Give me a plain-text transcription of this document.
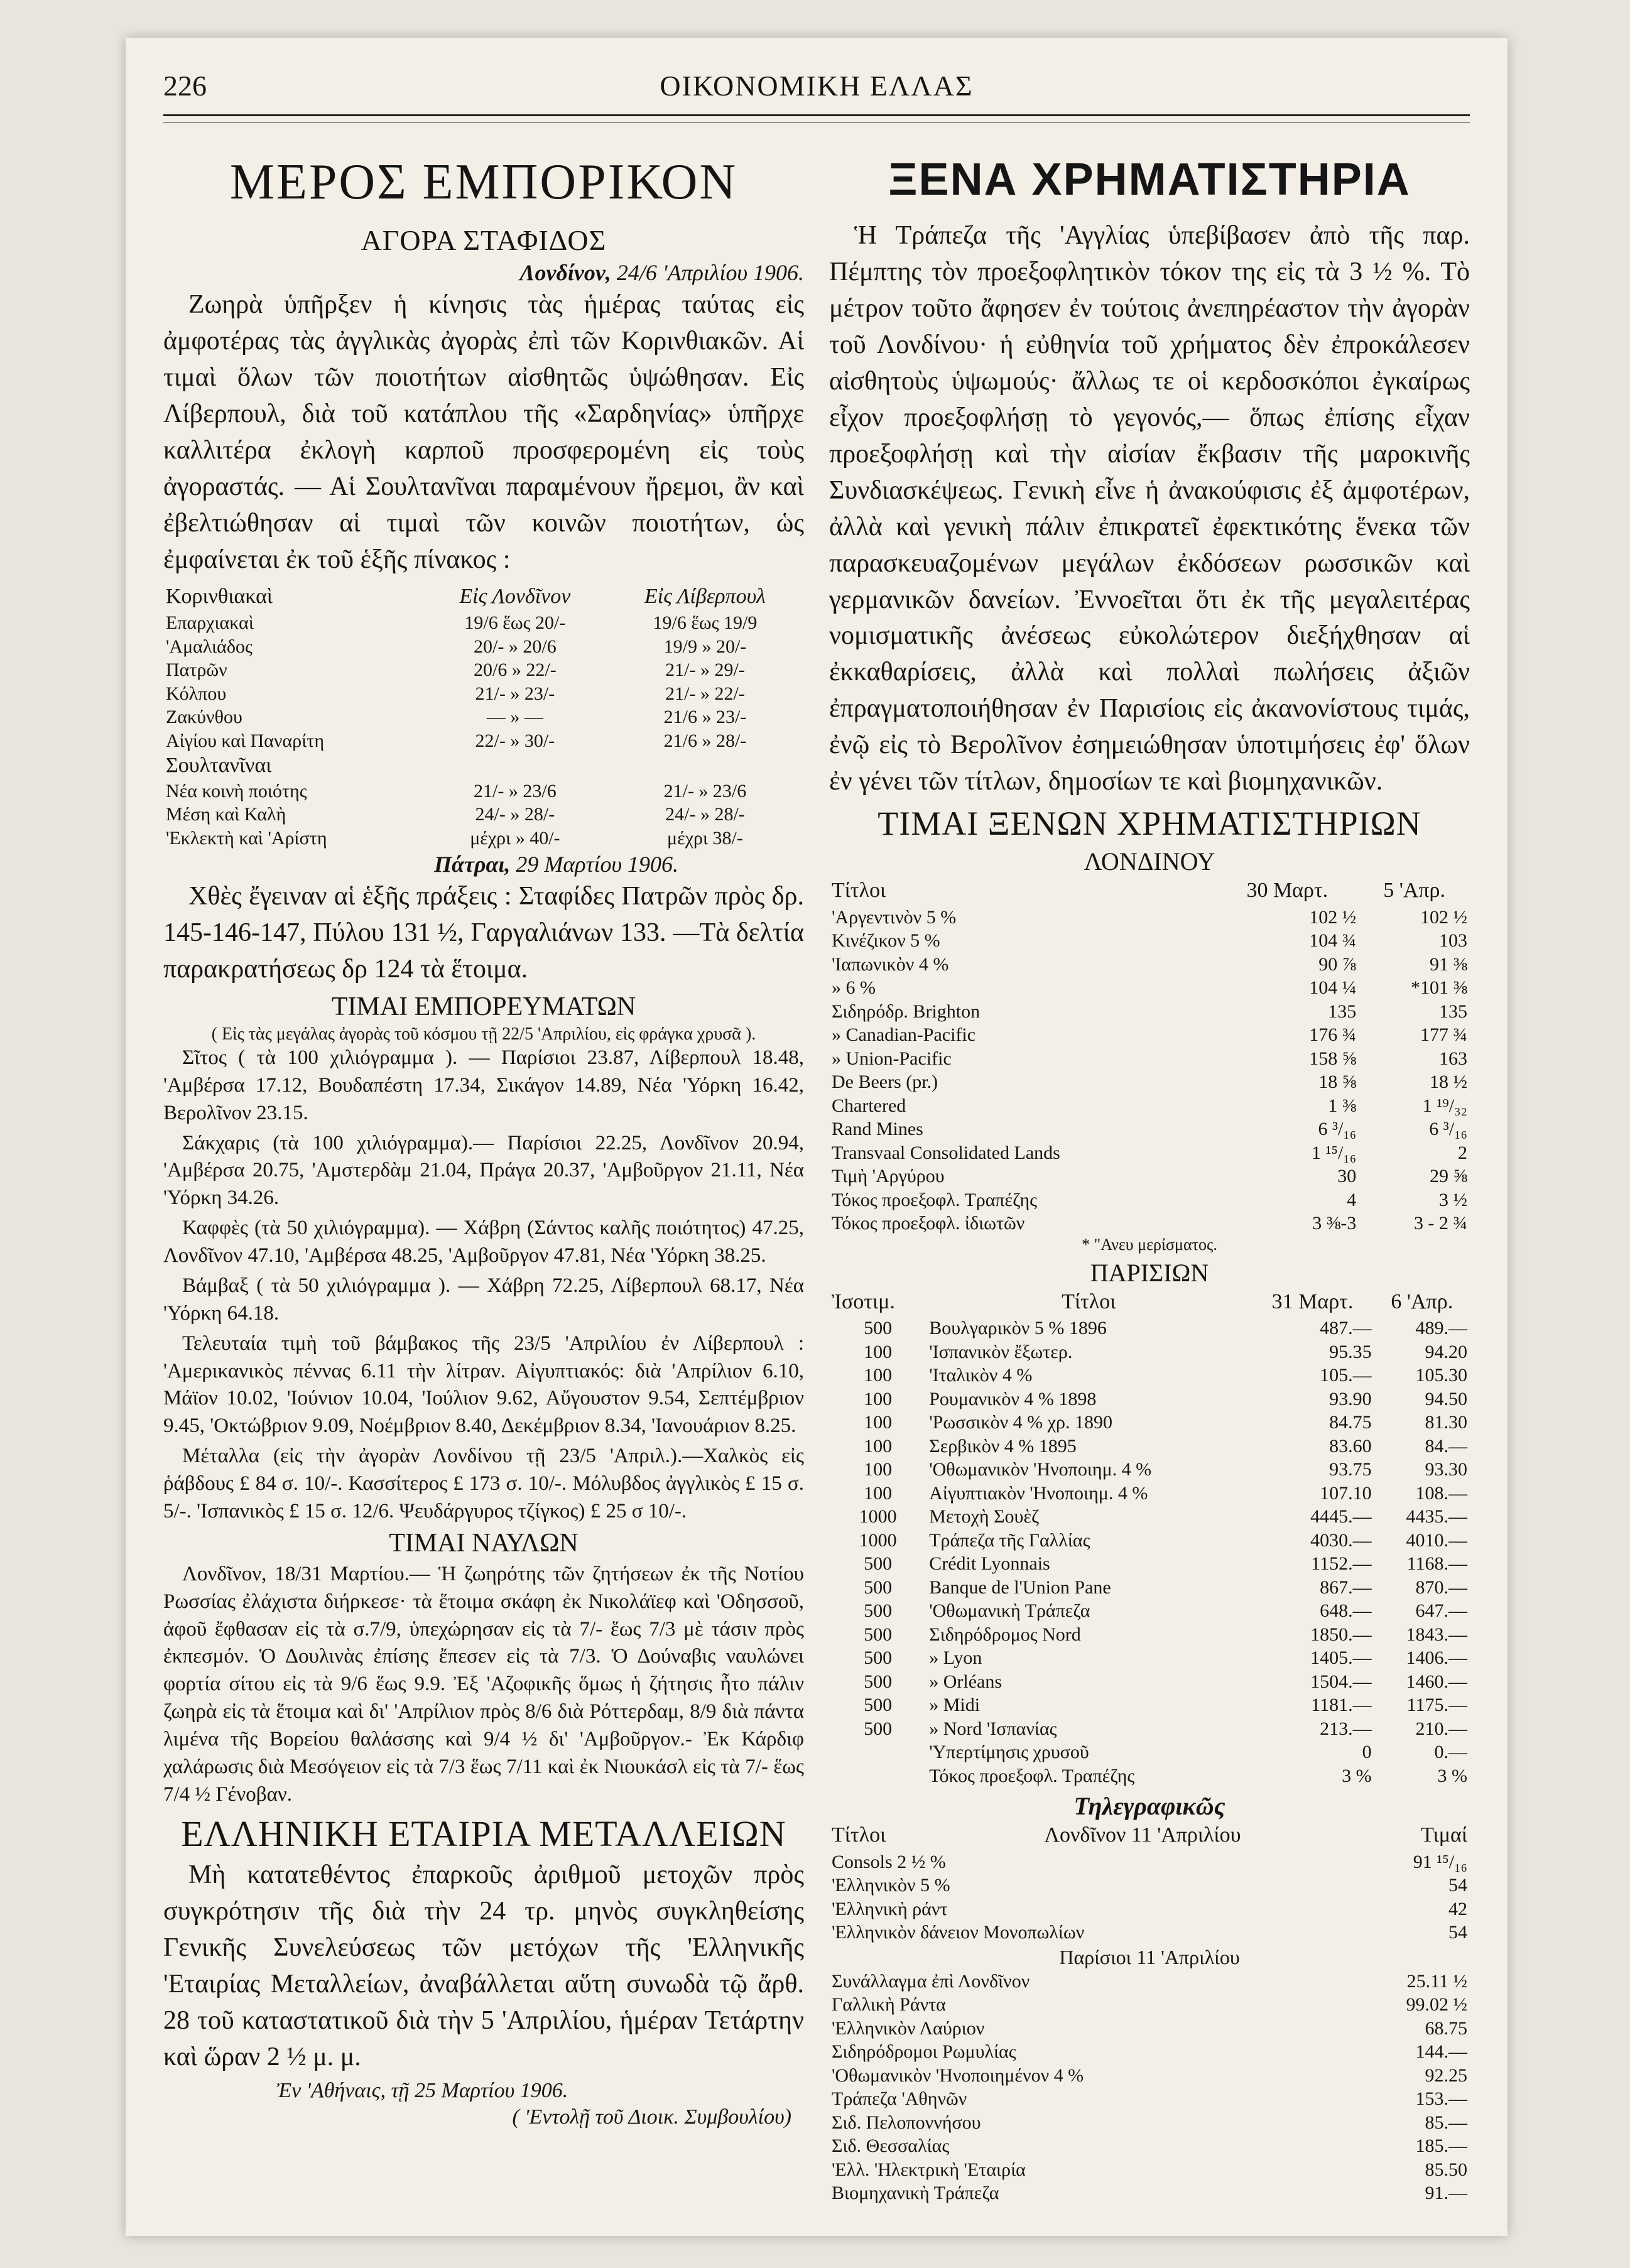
226	ΟΙΚΟΝΟΜΙΚΗ ΕΛΛΑΣ
ΜΕΡΟΣ ΕΜΠΟΡΙΚΟΝ
ΑΓΟΡΑ ΣΤΑΦΙΔΟΣ
Λονδίνον, 24/6 'Απριλίου 1906.

Ζωηρὰ ὑπῆρξεν ἡ κίνησις τὰς ἡμέρας ταύτας εἰς ἀμφοτέρας τὰς ἀγγλικὰς ἀγορὰς ἐπὶ τῶν Κορινθιακῶν. Αἱ τιμαὶ ὅλων τῶν ποιοτήτων αἰσθητῶς ὑψώθησαν. Εἰς Λίβερπουλ, διὰ τοῦ κατάπλου τῆς «Σαρδηνίας» ὑπῆρχε καλλιτέρα ἐκλογὴ καρποῦ προσφερομένη εἰς τοὺς ἀγοραστάς. — Αἱ Σουλτανῖναι παραμένουν ἤρεμοι, ἂν καὶ ἐβελτιώθησαν αἱ τιμαὶ τῶν κοινῶν ποιοτήτων, ὡς ἐμφαίνεται ἐκ τοῦ ἑξῆς πίνακος :

Κορινθιακαὶ	Εἰς Λονδῖνον	Εἰς Λίβερπουλ
Επαρχιακαὶ	19/6 ἕως 20/-	19/6 ἕως 19/9
'Αμαλιάδος	20/- » 20/6	19/9 » 20/-
Πατρῶν	20/6 » 22/-	21/- » 29/-
Κόλπου	21/- » 23/-	21/- » 22/-
Ζακύνθου	— » —	21/6 » 23/-
Αἰγίου καὶ Παναρίτη	22/- » 30/-	21/6 » 28/-
Σουλτανῖναι		
Νέα κοινὴ ποιότης	21/- » 23/6	21/- » 23/6
Μέση καὶ Καλὴ	24/- » 28/-	24/- » 28/-
'Εκλεκτὴ καὶ 'Αρίστη	μέχρι » 40/-	μέχρι 38/-
Πάτραι, 29 Μαρτίου 1906.

Χθὲς ἔγειναν αἱ ἑξῆς πράξεις : Σταφίδες Πατρῶν πρὸς δρ. 145-146-147, Πύλου 131 ½, Γαργαλιάνων 133. —Τὰ δελτία παρακρατήσεως δρ 124 τὰ ἕτοιμα.

ΤΙΜΑΙ ΕΜΠΟΡΕΥΜΑΤΩΝ

( Εἰς τὰς μεγάλας ἀγορὰς τοῦ κόσμου τῇ 22/5 'Απριλίου, εἰς φράγκα χρυσᾶ ).

Σῖτος ( τὰ 100 χιλιόγραμμα ). — Παρίσιοι 23.87, Λίβερπουλ 18.48, 'Αμβέρσα 17.12, Βουδαπέστη 17.34, Σικάγον 14.89, Νέα 'Υόρκη 16.42, Βερολῖνον 23.15.

Σάκχαρις (τὰ 100 χιλιόγραμμα).— Παρίσιοι 22.25, Λονδῖνον 20.94, 'Αμβέρσα 20.75, 'Αμστερδὰμ 21.04, Πράγα 20.37, 'Αμβοῦργον 21.11, Νέα 'Υόρκη 34.26.

Καφφὲς (τὰ 50 χιλιόγραμμα). — Χάβρη (Σάντος καλῆς ποιότητος) 47.25, Λονδῖνον 47.10, 'Αμβέρσα 48.25, 'Αμβοῦργον 47.81, Νέα 'Υόρκη 38.25.

Βάμβαξ ( τὰ 50 χιλιόγραμμα ). — Χάβρη 72.25, Λίβερπουλ 68.17, Νέα 'Υόρκη 64.18.

Τελευταία τιμὴ τοῦ βάμβακος τῆς 23/5 'Απριλίου ἐν Λίβερπουλ : 'Αμερικανικὸς πέννας 6.11 τὴν λίτραν. Αἰγυπτιακός: διὰ 'Απρίλιον 6.10, Μάϊον 10.02, 'Ιούνιον 10.04, 'Ιούλιον 9.62, Αὔγουστον 9.54, Σεπτέμβριον 9.45, 'Οκτώβριον 9.09, Νοέμβριον 8.40, Δεκέμβριον 8.34, 'Ιανουάριον 8.25.

Μέταλλα (εἰς τὴν ἀγορὰν Λονδίνου τῇ 23/5 'Απριλ.).—Χαλκὸς εἰς ῥάβδους £ 84 σ. 10/-. Κασσίτερος £ 173 σ. 10/-. Μόλυβδος ἀγγλικὸς £ 15 σ. 5/-. 'Ισπανικὸς £ 15 σ. 12/6. Ψευδάργυρος τζίγκος) £ 25 σ 10/-.

ΤΙΜΑΙ ΝΑΥΛΩΝ

Λονδῖνον, 18/31 Μαρτίου.— Ἡ ζωηρότης τῶν ζητήσεων ἐκ τῆς Νοτίου Ρωσσίας ἐλάχιστα διήρκεσε· τὰ ἕτοιμα σκάφη ἐκ Νικολάϊεφ καὶ 'Οδησσοῦ, ἀφοῦ ἔφθασαν εἰς τὰ σ.7/9, ὑπεχώρησαν εἰς τὰ 7/- ἕως 7/3 μὲ τάσιν πρὸς ἐκπεσμόν. Ὁ Δουλινὰς ἐπίσης ἔπεσεν εἰς τὰ 7/3. Ὁ Δούναβις ναυλώνει φορτία σίτου εἰς τὰ 9/6 ἕως 9.9. Ἐξ 'Αζοφικῆς ὅμως ἡ ζήτησις ἦτο πάλιν ζωηρὰ εἰς τὰ ἕτοιμα καὶ δι' 'Απρίλιον πρὸς 8/6 διὰ Ρόττερδαμ, 8/9 διὰ πάντα λιμένα τῆς Βορείου θαλάσσης καὶ 9/4 ½ δι' 'Αμβοῦργον.- Ἐκ Κάρδιφ χαλάρωσις διὰ Μεσόγειον εἰς τὰ 7/3 ἕως 7/11 καὶ ἐκ Νιουκάσλ εἰς τὰ 7/- ἕως 7/4 ½ Γένοβαν.

ΕΛΛΗΝΙΚΗ ΕΤΑΙΡΙΑ ΜΕΤΑΛΛΕΙΩΝ

Μὴ κατατεθέντος ἐπαρκοῦς ἀριθμοῦ μετοχῶν πρὸς συγκρότησιν τῆς διὰ τὴν 24 τρ. μηνὸς συγκληθείσης Γενικῆς Συνελεύσεως τῶν μετόχων τῆς 'Ελληνικῆς 'Εταιρίας Μεταλλείων, ἀναβάλλεται αὕτη συνωδὰ τῷ ἄρθ. 28 τοῦ καταστατικοῦ διὰ τὴν 5 'Απριλίου, ἡμέραν Τετάρτην καὶ ὥραν 2 ½ μ. μ.

Ἐν 'Αθήναις, τῇ 25 Μαρτίου 1906.
( 'Εντολῇ τοῦ Διοικ. Συμβουλίου)
ΞΕΝΑ ΧΡΗΜΑΤΙΣΤΗΡΙΑ

Ἡ Τράπεζα τῆς 'Αγγλίας ὑπεβίβασεν ἀπὸ τῆς παρ. Πέμπτης τὸν προεξοφλητικὸν τόκον της εἰς τὰ 3 ½ %. Τὸ μέτρον τοῦτο ἄφησεν ἐν τούτοις ἀνεπηρέαστον τὴν ἀγορὰν τοῦ Λονδίνου· ἡ εὐθηνία τοῦ χρήματος δὲν ἐπροκάλεσεν αἰσθητοὺς ὑψωμούς· ἄλλως τε οἱ κερδοσκόποι ἐγκαίρως εἶχον προεξοφλήσῃ τὸ γεγονός,— ὅπως ἐπίσης εἶχαν προεξοφλήσῃ καὶ τὴν αἰσίαν ἔκβασιν τῆς μαροκινῆς Συνδιασκέψεως. Γενικὴ εἶνε ἡ ἀνακούφισις ἐξ ἀμφοτέρων, ἀλλὰ καὶ γενικὴ πάλιν ἐπικρατεῖ ἐφεκτικότης ἕνεκα τῶν παρασκευαζομένων μεγάλων ἐκδόσεων ρωσσικῶν καὶ γερμανικῶν δανείων. Ἐννοεῖται ὅτι ἐκ τῆς μεγαλειτέρας νομισματικῆς ἀνέσεως εὐκολώτερον διεξήχθησαν αἱ ἐκκαθαρίσεις, ἀλλὰ καὶ πολλαὶ πωλήσεις ἀξιῶν ἐπραγματοποιήθησαν ἐν Παρισίοις εἰς ἀκανονίστους τιμάς, ἐνῷ εἰς τὸ Βερολῖνον ἐσημειώθησαν ὑποτιμήσεις ἐφ' ὅλων ἐν γένει τῶν τίτλων, δημοσίων τε καὶ βιομηχανικῶν.

ΤΙΜΑΙ ΞΕΝΩΝ ΧΡΗΜΑΤΙΣΤΗΡΙΩΝ
ΛΟΝΔΙΝΟΥ
Τίτλοι	30 Μαρτ.	5 'Απρ.
'Αργεντινὸν 5 %	102 ½	102 ½
Κινέζικον 5 %	104 ¾	103
'Ιαπωνικὸν 4 %	90 ⅞	91 ⅜
» 6 %	104 ¼	*101 ⅜
Σιδηρόδρ. Brighton	135	135
» Canadian-Pacific	176 ¾	177 ¾
» Union-Pacific	158 ⅝	163
De Beers (pr.)	18 ⅝	18 ½
Chartered	1 ⅜	1 ¹⁹/₃₂
Rand Mines	6 ³/₁₆	6 ³/₁₆
Transvaal Consolidated Lands	1 ¹⁵/₁₆	2
Τιμὴ 'Αργύρου	30	29 ⅝
Τόκος προεξοφλ. Τραπέζης	4	3 ½
Τόκος προεξοφλ. ἰδιωτῶν	3 ⅜-3	3 - 2 ¾

* "Ανευ μερίσματος.

ΠΑΡΙΣΙΩΝ
Ἰσοτιμ.	Τίτλοι	31 Μαρτ.	6 'Απρ.
500	Βουλγαρικὸν 5 % 1896	487.—	489.—
100	'Ισπανικὸν ἔξωτερ.	95.35	94.20
100	'Ιταλικὸν 4 %	105.—	105.30
100	Ρουμανικὸν 4 % 1898	93.90	94.50
100	'Ρωσσικὸν 4 % χρ. 1890	84.75	81.30
100	Σερβικὸν 4 % 1895	83.60	84.—
100	'Οθωμανικὸν 'Ηνοποιημ. 4 %	93.75	93.30
100	Αἰγυπτιακὸν 'Ηνοποιημ. 4 %	107.10	108.—
1000	Μετοχὴ Σουὲζ	4445.—	4435.—
1000	Τράπεζα τῆς Γαλλίας	4030.—	4010.—
500	Crédit Lyonnais	1152.—	1168.—
500	Banque de l'Union Pane	867.—	870.—
500	'Οθωμανικὴ Τράπεζα	648.—	647.—
500	Σιδηρόδρομος Nord	1850.—	1843.—
500	» Lyon	1405.—	1406.—
500	» Orléans	1504.—	1460.—
500	» Midi	1181.—	1175.—
500	» Nord 'Ισπανίας	213.—	210.—
	'Υπερτίμησις χρυσοῦ	0	0.—
	Τόκος προεξοφλ. Τραπέζης	3 %	3 %
Τηλεγραφικῶς
Τίτλοι	Λονδῖνον 11 'Απριλίου	Τιμαί
Consols 2 ½ %		91 ¹⁵/₁₆
'Ελληνικὸν 5 %		54
'Ελληνικὴ ράντ		42
'Ελληνικὸν δάνειον Μονοπωλίων		54
Παρίσιοι 11 'Απριλίου		
Συνάλλαγμα ἐπὶ Λονδῖνον		25.11 ½
Γαλλικὴ Ράντα		99.02 ½
'Ελληνικὸν Λαύριον		68.75
Σιδηρόδρομοι Ρωμυλίας		144.—
'Οθωμανικὸν 'Ηνοποιημένον 4 %		92.25
Τράπεζα 'Αθηνῶν		153.—
Σιδ. Πελοποννήσου		85.—
Σιδ. Θεσσαλίας		185.—
'Ελλ. 'Ηλεκτρικὴ 'Εταιρία		85.50
Βιομηχανικὴ Τράπεζα		91.—
